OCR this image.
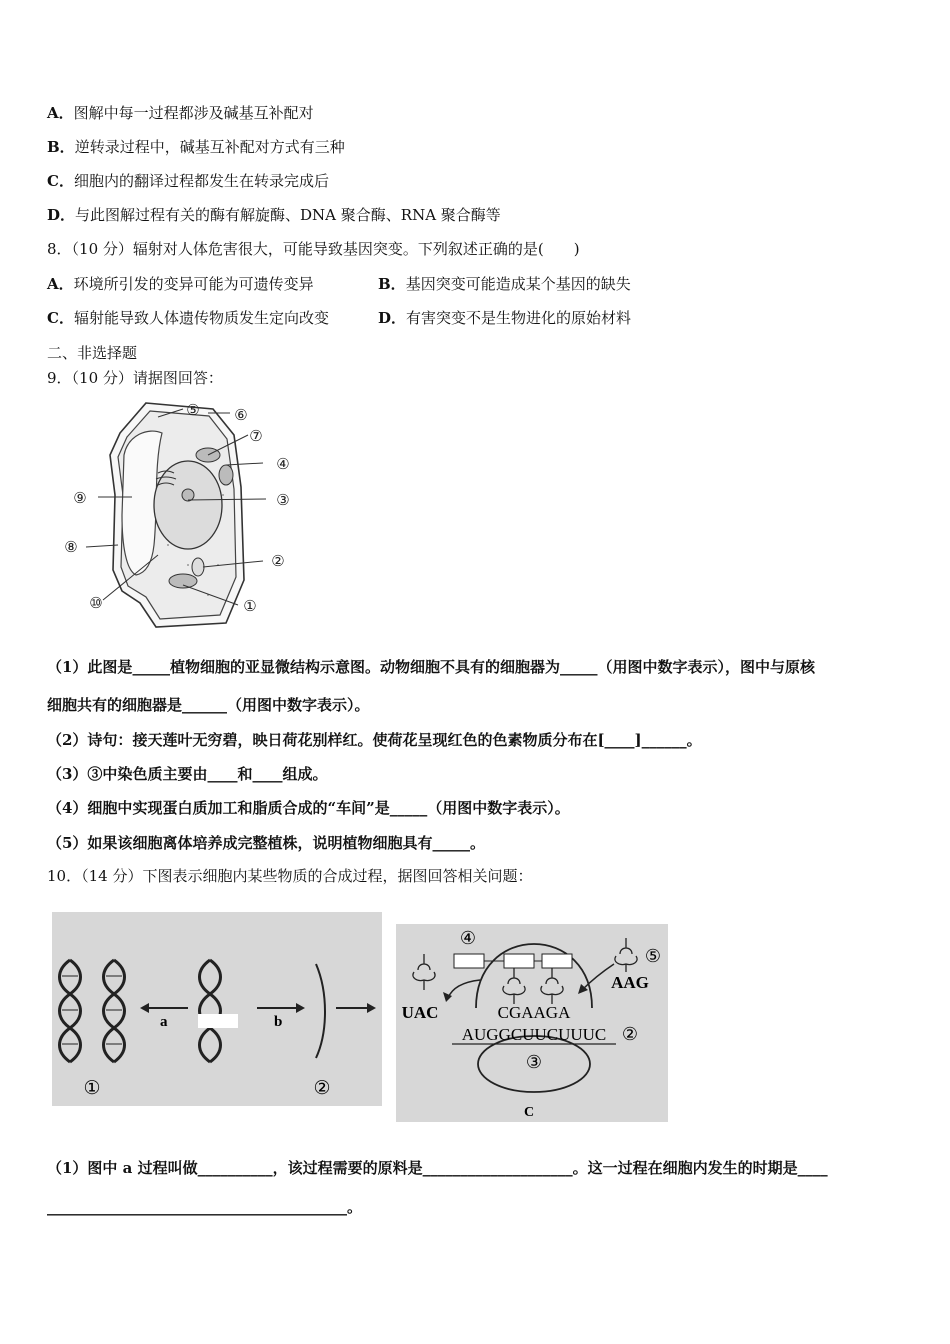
A．图解中每一过程都涉及碱基互补配对
B．逆转录过程中，碱基互补配对方式有三种
C．细胞内的翻译过程都发生在转录完成后
D．与此图解过程有关的酶有解旋酶、DNA 聚合酶、RNA 聚合酶等
8．（10 分）辐射对人体危害很大，可能导致基因突变。下列叙述正确的是(　　)
A．环境所引发的变异可能为可遗传变异	B．基因突变可能造成某个基因的缺失
C．辐射能导致人体遗传物质发生定向改变	D．有害突变不是生物进化的原始材料
二、非选择题
9．（10 分）请据图回答：
⑤ ⑥
⑦
④
③
②
①
⑨
⑧
⑩
（1）此图是_____植物细胞的亚显微结构示意图。动物细胞不具有的细胞器为_____（用图中数字表示），图中与原核
细胞共有的细胞器是______（用图中数字表示）。
（2）诗句：接天莲叶无穷碧，映日荷花别样红。使荷花呈现红色的色素物质分布在[____]______。
（3）③中染色质主要由____和____组成。
（4）细胞中实现蛋白质加工和脂质合成的“车间”是_____（用图中数字表示）。
（5）如果该细胞离体培养成完整植株，说明植物细胞具有_____。
10．（14 分）下图表示细胞内某些物质的合成过程，据图回答相关问题：
a	b
①	②
④
⑤
UAC
AAG
CGAAGA
AUGGCUUCUUUC ②
③
C
（1）图中 a 过程叫做__________，该过程需要的原料是____________________。这一过程在细胞内发生的时期是____
________________________________________。
